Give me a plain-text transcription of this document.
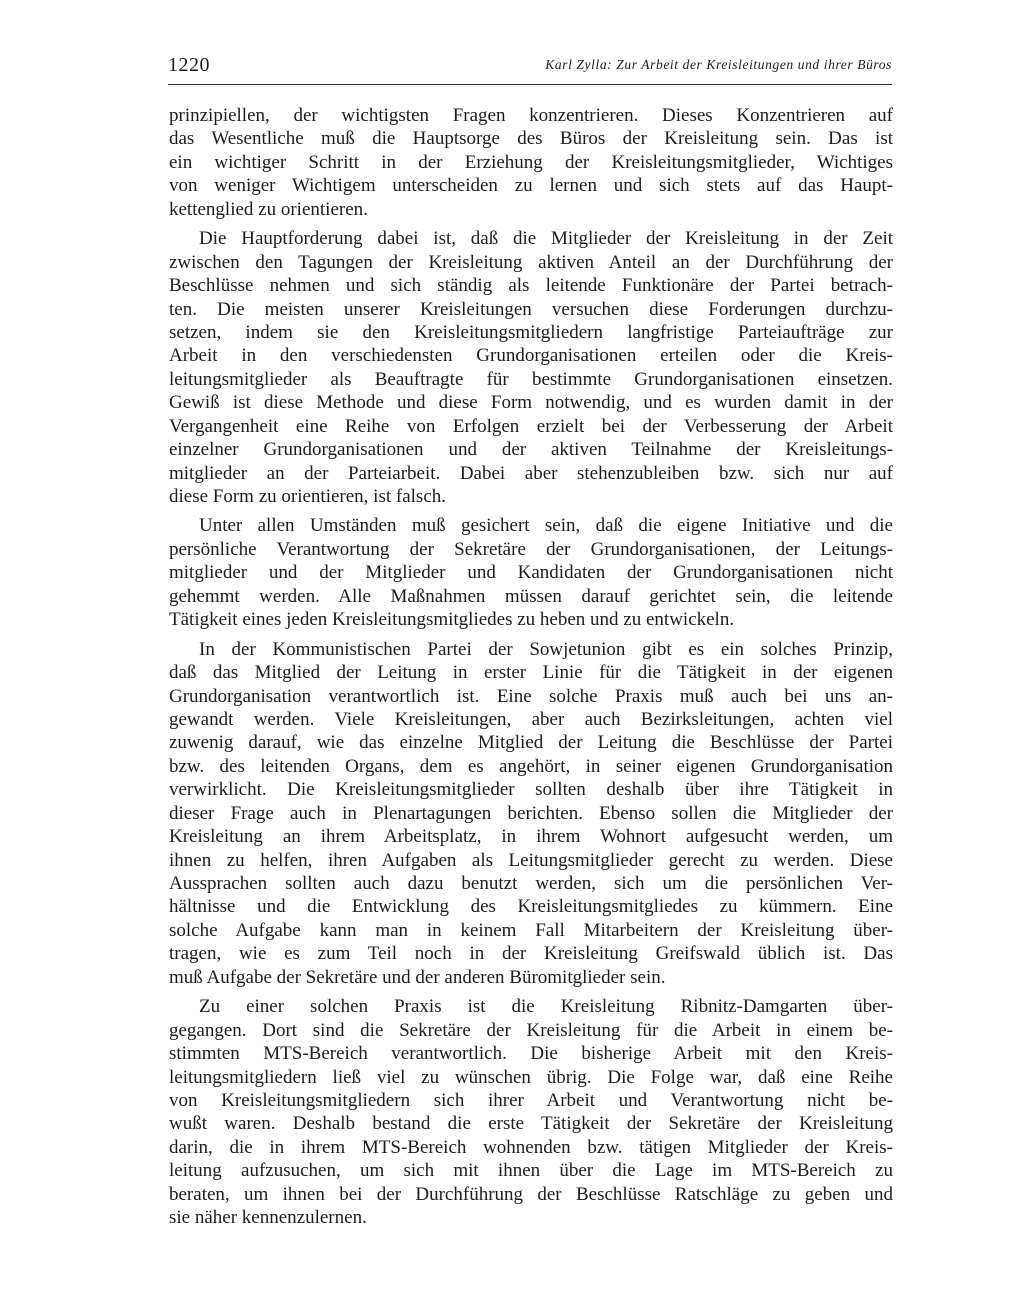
1220	Karl Zylla: Zur Arbeit der Kreisleitungen und ihrer Büros
prinzipiellen, der wichtigsten Fragen konzentrieren. Dieses Konzentrieren auf
das Wesentliche muß die Hauptsorge des Büros der Kreisleitung sein. Das ist
ein wichtiger Schritt in der Erziehung der Kreisleitungsmitglieder, Wichtiges
von weniger Wichtigem unterscheiden zu lernen und sich stets auf das Haupt-
kettenglied zu orientieren.
Die Hauptforderung dabei ist, daß die Mitglieder der Kreisleitung in der Zeit
zwischen den Tagungen der Kreisleitung aktiven Anteil an der Durchführung der
Beschlüsse nehmen und sich ständig als leitende Funktionäre der Partei betrach-
ten. Die meisten unserer Kreisleitungen versuchen diese Forderungen durchzu-
setzen, indem sie den Kreisleitungsmitgliedern langfristige Parteiaufträge zur
Arbeit in den verschiedensten Grundorganisationen erteilen oder die Kreis-
leitungsmitglieder als Beauftragte für bestimmte Grundorganisationen einsetzen.
Gewiß ist diese Methode und diese Form notwendig, und es wurden damit in der
Vergangenheit eine Reihe von Erfolgen erzielt bei der Verbesserung der Arbeit
einzelner Grundorganisationen und der aktiven Teilnahme der Kreisleitungs-
mitglieder an der Parteiarbeit. Dabei aber stehenzubleiben bzw. sich nur auf
diese Form zu orientieren, ist falsch.
Unter allen Umständen muß gesichert sein, daß die eigene Initiative und die
persönliche Verantwortung der Sekretäre der Grundorganisationen, der Leitungs-
mitglieder und der Mitglieder und Kandidaten der Grundorganisationen nicht
gehemmt werden. Alle Maßnahmen müssen darauf gerichtet sein, die leitende
Tätigkeit eines jeden Kreisleitungsmitgliedes zu heben und zu entwickeln.
In der Kommunistischen Partei der Sowjetunion gibt es ein solches Prinzip,
daß das Mitglied der Leitung in erster Linie für die Tätigkeit in der eigenen
Grundorganisation verantwortlich ist. Eine solche Praxis muß auch bei uns an-
gewandt werden. Viele Kreisleitungen, aber auch Bezirksleitungen, achten viel
zuwenig darauf, wie das einzelne Mitglied der Leitung die Beschlüsse der Partei
bzw. des leitenden Organs, dem es angehört, in seiner eigenen Grundorganisation
verwirklicht. Die Kreisleitungsmitglieder sollten deshalb über ihre Tätigkeit in
dieser Frage auch in Plenartagungen berichten. Ebenso sollen die Mitglieder der
Kreisleitung an ihrem Arbeitsplatz, in ihrem Wohnort aufgesucht werden, um
ihnen zu helfen, ihren Aufgaben als Leitungsmitglieder gerecht zu werden. Diese
Aussprachen sollten auch dazu benutzt werden, sich um die persönlichen Ver-
hältnisse und die Entwicklung des Kreisleitungsmitgliedes zu kümmern. Eine
solche Aufgabe kann man in keinem Fall Mitarbeitern der Kreisleitung über-
tragen, wie es zum Teil noch in der Kreisleitung Greifswald üblich ist. Das
muß Aufgabe der Sekretäre und der anderen Büromitglieder sein.
Zu einer solchen Praxis ist die Kreisleitung Ribnitz-Damgarten über-
gegangen. Dort sind die Sekretäre der Kreisleitung für die Arbeit in einem be-
stimmten MTS-Bereich verantwortlich. Die bisherige Arbeit mit den Kreis-
leitungsmitgliedern ließ viel zu wünschen übrig. Die Folge war, daß eine Reihe
von Kreisleitungsmitgliedern sich ihrer Arbeit und Verantwortung nicht be-
wußt waren. Deshalb bestand die erste Tätigkeit der Sekretäre der Kreisleitung
darin, die in ihrem MTS-Bereich wohnenden bzw. tätigen Mitglieder der Kreis-
leitung aufzusuchen, um sich mit ihnen über die Lage im MTS-Bereich zu
beraten, um ihnen bei der Durchführung der Beschlüsse Ratschläge zu geben und
sie näher kennenzulernen.
